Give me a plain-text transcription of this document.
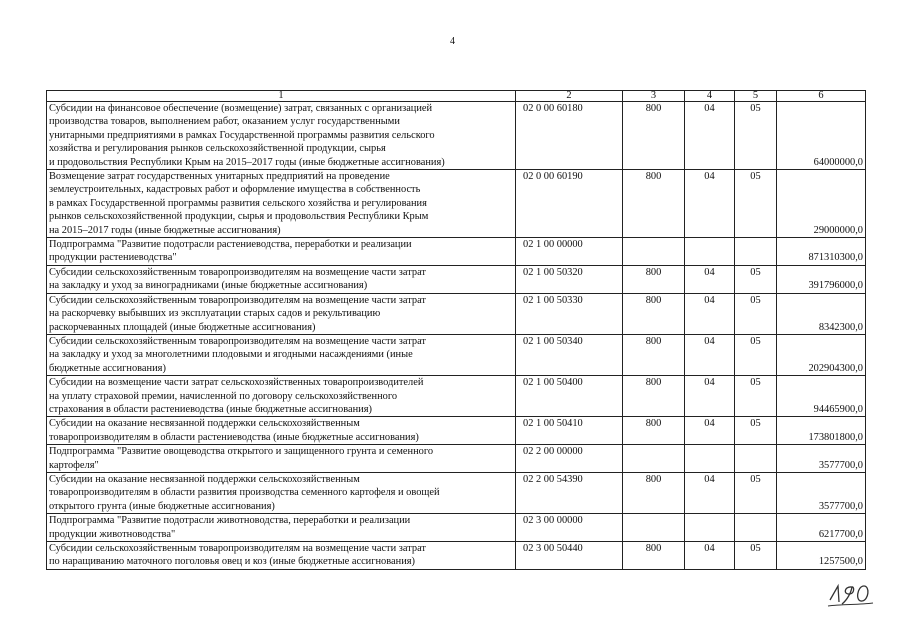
4
1	2	3	4	5	6

Субсидии на финансовое обеспечение (возмещение) затрат, связанных с организацией
производства товаров, выполнением работ, оказанием услуг государственными
унитарными предприятиями в рамках Государственной программы развития сельского
хозяйства и регулирования рынков сельскохозяйственной продукции, сырья
и продовольствия Республики Крым на 2015–2017 годы (иные бюджетные ассигнования)	02 0 00 60180	800	04	05	64000000,0

Возмещение затрат государственных унитарных предприятий на проведение
землеустроительных, кадастровых работ и оформление имущества в собственность
в рамках Государственной программы развития сельского хозяйства и регулирования
рынков сельскохозяйственной продукции, сырья и продовольствия Республики Крым
на 2015–2017 годы (иные бюджетные ассигнования)	02 0 00 60190	800	04	05	29000000,0

Подпрограмма "Развитие подотрасли растениеводства, переработки и реализации
продукции растениеводства"	02 1 00 00000				871310300,0

Субсидии сельскохозяйственным товаропроизводителям на возмещение части затрат
на закладку и уход за виноградниками (иные бюджетные ассигнования)	02 1 00 50320	800	04	05	391796000,0

Субсидии сельскохозяйственным товаропроизводителям на возмещение части затрат
на раскорчевку выбывших из эксплуатации старых садов и рекультивацию
раскорчеванных площадей (иные бюджетные ассигнования)	02 1 00 50330	800	04	05	8342300,0

Субсидии сельскохозяйственным товаропроизводителям на возмещение части затрат
на закладку и уход за многолетними плодовыми и ягодными насаждениями (иные
бюджетные ассигнования)	02 1 00 50340	800	04	05	202904300,0

Субсидии на возмещение части затрат сельскохозяйственных товаропроизводителей
на уплату страховой премии, начисленной по договору сельскохозяйственного
страхования в области растениеводства (иные бюджетные ассигнования)	02 1 00 50400	800	04	05	94465900,0

Субсидии на оказание несвязанной поддержки сельскохозяйственным
товаропроизводителям в области растениеводства (иные бюджетные ассигнования)	02 1 00 50410	800	04	05	173801800,0

Подпрограмма "Развитие овощеводства открытого и защищенного грунта и семенного
картофеля"	02 2 00 00000				3577700,0

Субсидии на оказание несвязанной поддержки сельскохозяйственным
товаропроизводителям в области развития производства семенного картофеля и овощей
открытого грунта (иные бюджетные ассигнования)	02 2 00 54390	800	04	05	3577700,0

Подпрограмма "Развитие подотрасли животноводства, переработки и реализации
продукции животноводства"	02 3 00 00000				6217700,0

Субсидии сельскохозяйственным товаропроизводителям на возмещение части затрат
по наращиванию маточного поголовья овец и коз (иные бюджетные ассигнования)	02 3 00 50440	800	04	05	1257500,0
